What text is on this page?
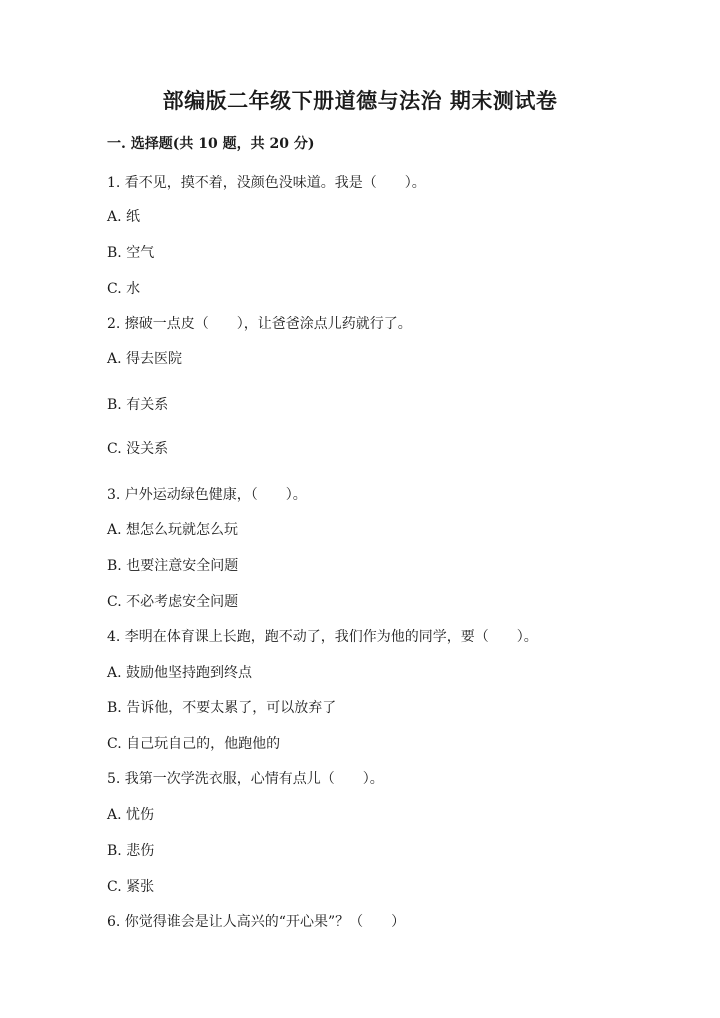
部编版二年级下册道德与法治 期末测试卷
一. 选择题(共 10 题，共 20 分)
1. 看不见，摸不着，没颜色没味道。我是（　　）。
A. 纸
B. 空气
C. 水
2. 擦破一点皮（　　），让爸爸涂点儿药就行了。
A. 得去医院
B. 有关系
C. 没关系
3. 户外运动绿色健康，（　　）。
A. 想怎么玩就怎么玩
B. 也要注意安全问题
C. 不必考虑安全问题
4. 李明在体育课上长跑，跑不动了，我们作为他的同学，要（　　）。
A. 鼓励他坚持跑到终点
B. 告诉他，不要太累了，可以放弃了
C. 自己玩自己的，他跑他的
5. 我第一次学洗衣服，心情有点儿（　　）。
A. 忧伤
B. 悲伤
C. 紧张
6. 你觉得谁会是让人高兴的“开心果”？（　　）
